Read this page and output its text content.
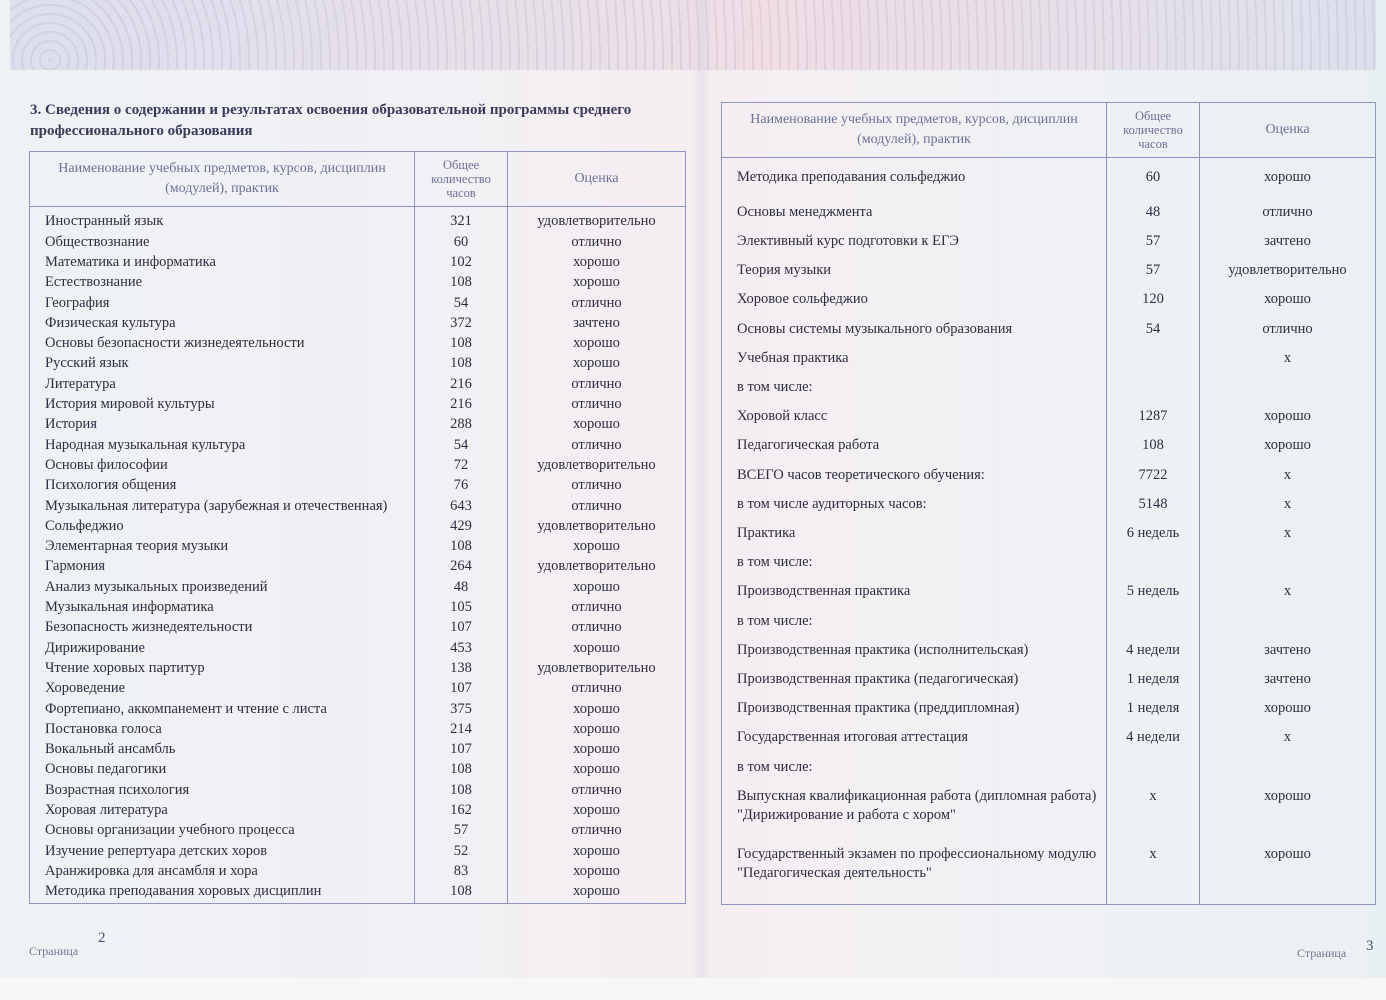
3. Сведения о содержании и результатах освоения образовательной программы среднего профессионального образования
Наименование учебных предметов, курсов, дисциплин (модулей), практик	Общее количество часов	Оценка
Иностранный язык	321	удовлетворительно
Обществознание	60	отлично
Математика и информатика	102	хорошо
Естествознание	108	хорошо
География	54	отлично
Физическая культура	372	зачтено
Основы безопасности жизнедеятельности	108	хорошо
Русский язык	108	хорошо
Литература	216	отлично
История мировой культуры	216	отлично
История	288	хорошо
Народная музыкальная культура	54	отлично
Основы философии	72	удовлетворительно
Психология общения	76	отлично
Музыкальная литература (зарубежная и отечественная)	643	отлично
Сольфеджио	429	удовлетворительно
Элементарная теория музыки	108	хорошо
Гармония	264	удовлетворительно
Анализ музыкальных произведений	48	хорошо
Музыкальная информатика	105	отлично
Безопасность жизнедеятельности	107	отлично
Дирижирование	453	хорошо
Чтение хоровых партитур	138	удовлетворительно
Хороведение	107	отлично
Фортепиано, аккомпанемент и чтение с листа	375	хорошо
Постановка голоса	214	хорошо
Вокальный ансамбль	107	хорошо
Основы педагогики	108	хорошо
Возрастная психология	108	отлично
Хоровая литература	162	хорошо
Основы организации учебного процесса	57	отлично
Изучение репертуара детских хоров	52	хорошо
Аранжировка для ансамбля и хора	83	хорошо
Методика преподавания хоровых дисциплин	108	хорошо

Наименование учебных предметов, курсов, дисциплин (модулей), практик	Общее количество часов	Оценка
Методика преподавания сольфеджио	60	хорошо
Основы менеджмента	48	отлично
Элективный курс подготовки к ЕГЭ	57	зачтено
Теория музыки	57	удовлетворительно
Хоровое сольфеджио	120	хорошо
Основы системы музыкального образования	54	отлично
Учебная практика		х
в том числе:		
Хоровой класс	1287	хорошо
Педагогическая работа	108	хорошо
ВСЕГО часов теоретического обучения:	7722	х
в том числе аудиторных часов:	5148	х
Практика	6 недель	х
в том числе:		
Производственная практика	5 недель	х
в том числе:		
Производственная практика (исполнительская)	4 недели	зачтено
Производственная практика (педагогическая)	1 неделя	зачтено
Производственная практика (преддипломная)	1 неделя	хорошо
Государственная итоговая аттестация	4 недели	х
в том числе:		
Выпускная квалификационная работа (дипломная работа) "Дирижирование и работа с хором"	х	хорошо
Государственный экзамен по профессиональному модулю "Педагогическая деятельность"	х	хорошо

Страница
2
Страница 3
